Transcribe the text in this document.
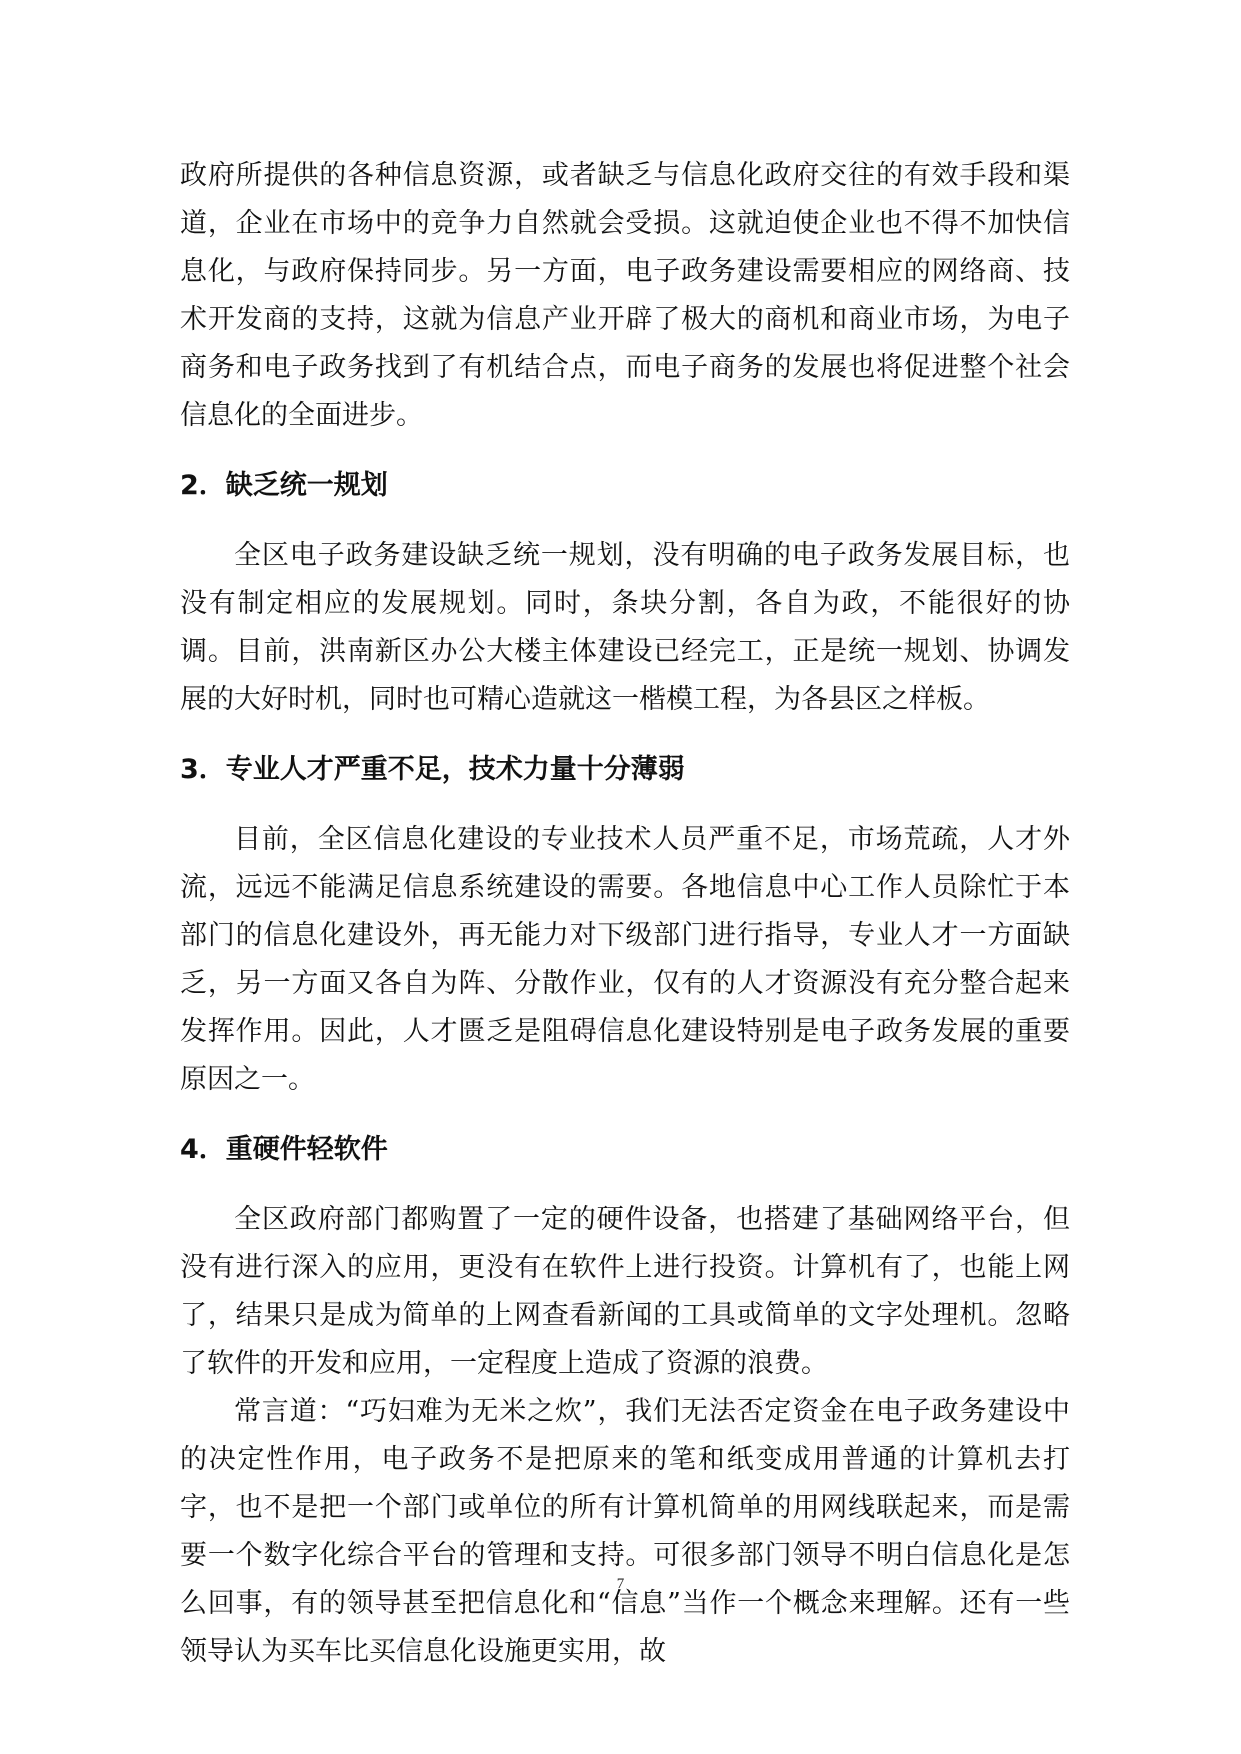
政府所提供的各种信息资源，或者缺乏与信息化政府交往的有效手段和渠道，企业在市场中的竞争力自然就会受损。这就迫使企业也不得不加快信息化，与政府保持同步。另一方面，电子政务建设需要相应的网络商、技术开发商的支持，这就为信息产业开辟了极大的商机和商业市场，为电子商务和电子政务找到了有机结合点，而电子商务的发展也将促进整个社会信息化的全面进步。

2．缺乏统一规划

全区电子政务建设缺乏统一规划，没有明确的电子政务发展目标，也没有制定相应的发展规划。同时，条块分割，各自为政，不能很好的协调。目前，洪南新区办公大楼主体建设已经完工，正是统一规划、协调发展的大好时机，同时也可精心造就这一楷模工程，为各县区之样板。

3．专业人才严重不足，技术力量十分薄弱

目前，全区信息化建设的专业技术人员严重不足，市场荒疏，人才外流，远远不能满足信息系统建设的需要。各地信息中心工作人员除忙于本部门的信息化建设外，再无能力对下级部门进行指导，专业人才一方面缺乏，另一方面又各自为阵、分散作业，仅有的人才资源没有充分整合起来发挥作用。因此，人才匮乏是阻碍信息化建设特别是电子政务发展的重要原因之一。

4．重硬件轻软件

全区政府部门都购置了一定的硬件设备，也搭建了基础网络平台，但没有进行深入的应用，更没有在软件上进行投资。计算机有了，也能上网了，结果只是成为简单的上网查看新闻的工具或简单的文字处理机。忽略了软件的开发和应用，一定程度上造成了资源的浪费。

常言道：“巧妇难为无米之炊”，我们无法否定资金在电子政务建设中的决定性作用，电子政务不是把原来的笔和纸变成用普通的计算机去打字，也不是把一个部门或单位的所有计算机简单的用网线联起来，而是需要一个数字化综合平台的管理和支持。可很多部门领导不明白信息化是怎么回事，有的领导甚至把信息化和“信息”当作一个概念来理解。还有一些领导认为买车比买信息化设施更实用，故

7
